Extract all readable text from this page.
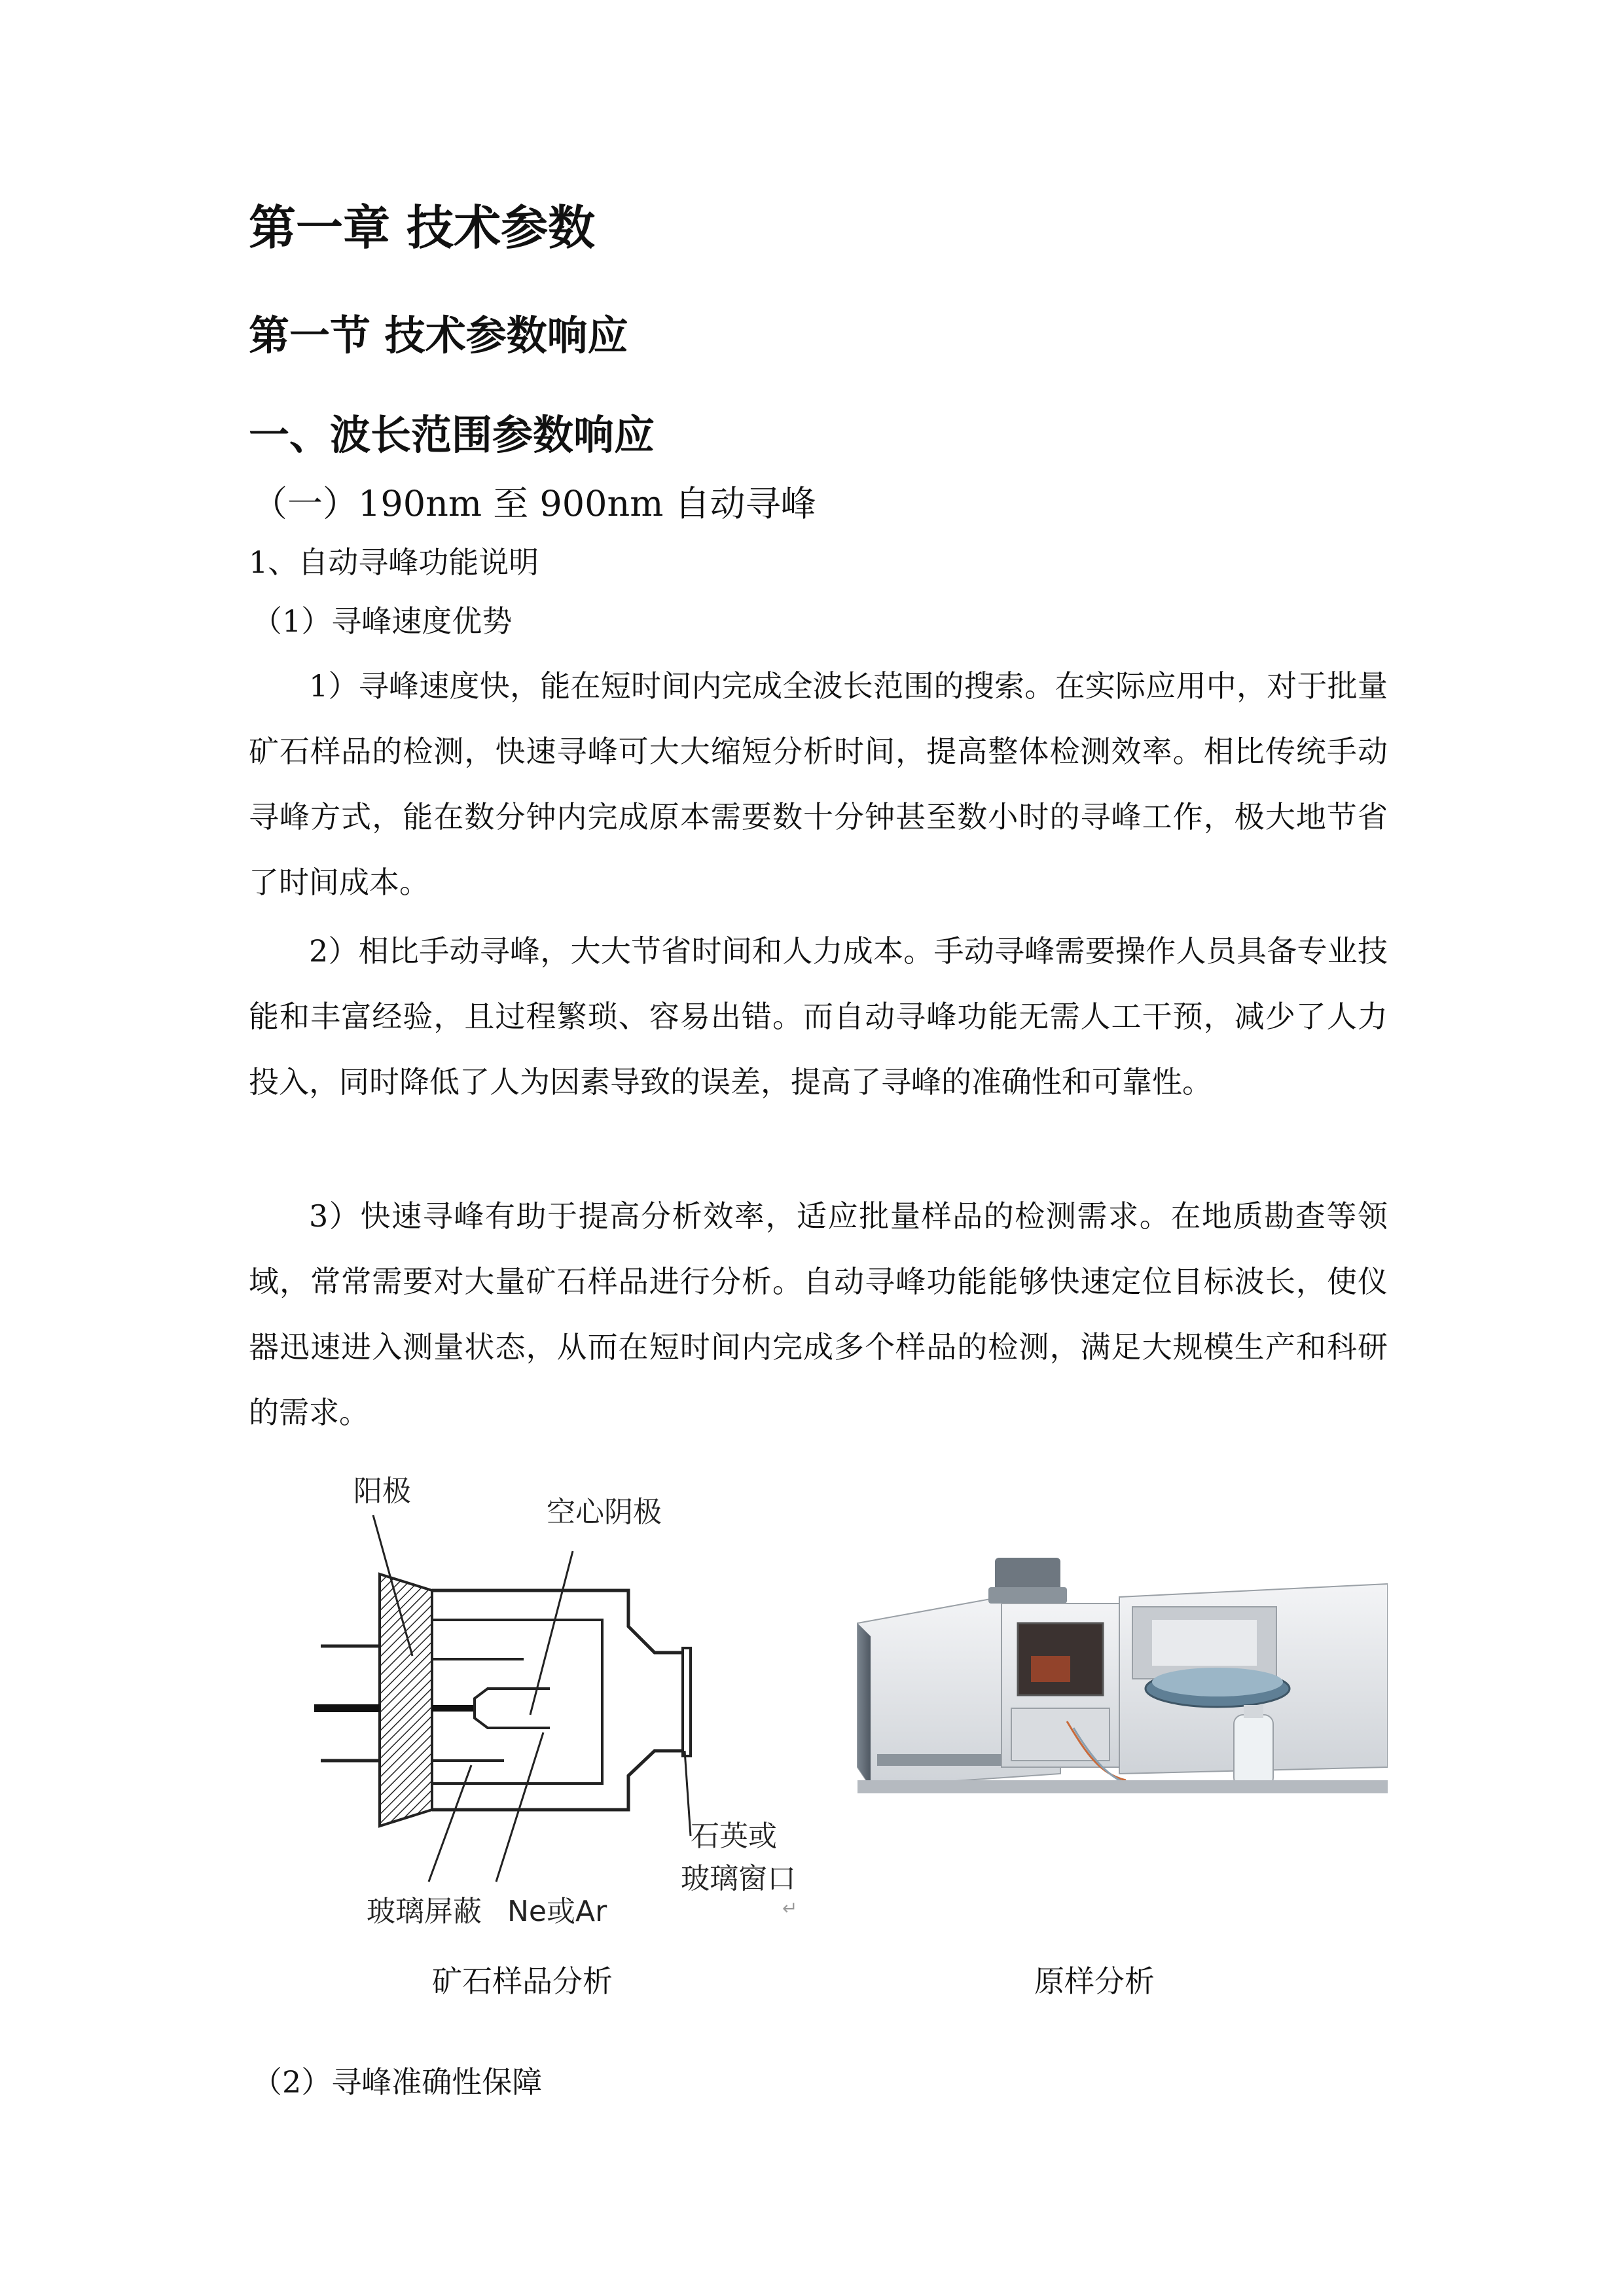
第一章 技术参数
第一节 技术参数响应
一、波长范围参数响应
（一）190nm 至 900nm 自动寻峰
1、自动寻峰功能说明
（1）寻峰速度优势

1）寻峰速度快，能在短时间内完成全波长范围的搜索。在实际应用中，对于批量矿石样品的检测，快速寻峰可大大缩短分析时间，提高整体检测效率。相比传统手动寻峰方式，能在数分钟内完成原本需要数十分钟甚至数小时的寻峰工作，极大地节省了时间成本。

2）相比手动寻峰，大大节省时间和人力成本。手动寻峰需要操作人员具备专业技能和丰富经验，且过程繁琐、容易出错。而自动寻峰功能无需人工干预，减少了人力投入，同时降低了人为因素导致的误差，提高了寻峰的准确性和可靠性。

3）快速寻峰有助于提高分析效率，适应批量样品的检测需求。在地质勘查等领域，常常需要对大量矿石样品进行分析。自动寻峰功能能够快速定位目标波长，使仪器迅速进入测量状态，从而在短时间内完成多个样品的检测，满足大规模生产和科研的需求。

阳极
空心阴极
玻璃屏蔽 Ne或Ar
石英或
玻璃窗口
↵
矿石样品分析	原样分析
（2）寻峰准确性保障
